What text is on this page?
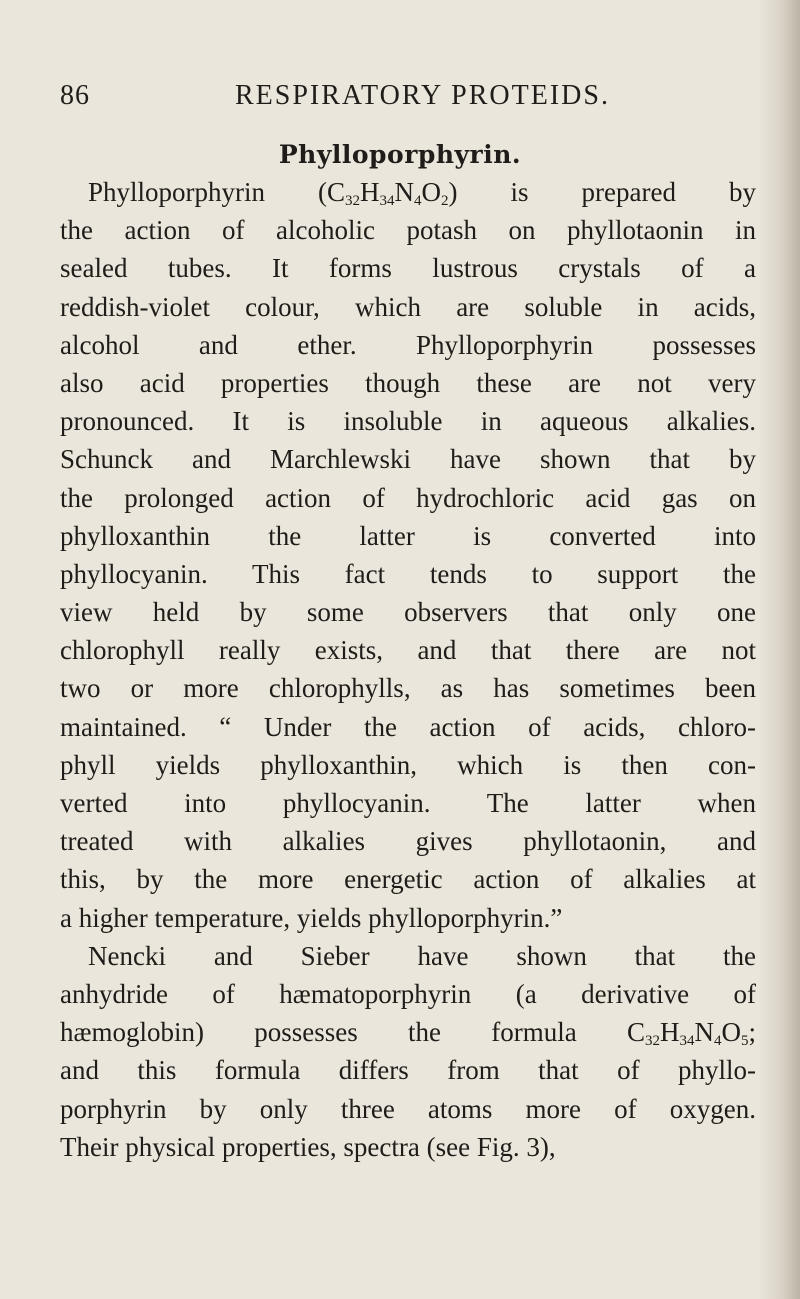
86	RESPIRATORY PROTEIDS.
Phylloporphyrin.
Phylloporphyrin $(C_{32}H_{34}N_4O_2)$ is prepared by
the action of alcoholic potash on phyllotaonin in
sealed tubes. It forms lustrous crystals of a
reddish-violet colour, which are soluble in acids,
alcohol and ether. Phylloporphyrin possesses
also acid properties though these are not very
pronounced. It is insoluble in aqueous alkalies.
Schunck and Marchlewski have shown that by
the prolonged action of hydrochloric acid gas on
phylloxanthin the latter is converted into
phyllocyanin. This fact tends to support the
view held by some observers that only one
chlorophyll really exists, and that there are not
two or more chlorophylls, as has sometimes been
maintained. “ Under the action of acids, chloro-
phyll yields phylloxanthin, which is then con-
verted into phyllocyanin. The latter when
treated with alkalies gives phyllotaonin, and
this, by the more energetic action of alkalies at
a higher temperature, yields phylloporphyrin.”
Nencki and Sieber have shown that the
anhydride of hæmatoporphyrin (a derivative of
hæmoglobin) possesses the formula $C_{32}H_{34}N_4O_5$;
and this formula differs from that of phyllo-
porphyrin by only three atoms more of oxygen.
Their physical properties, spectra (see Fig. 3),
